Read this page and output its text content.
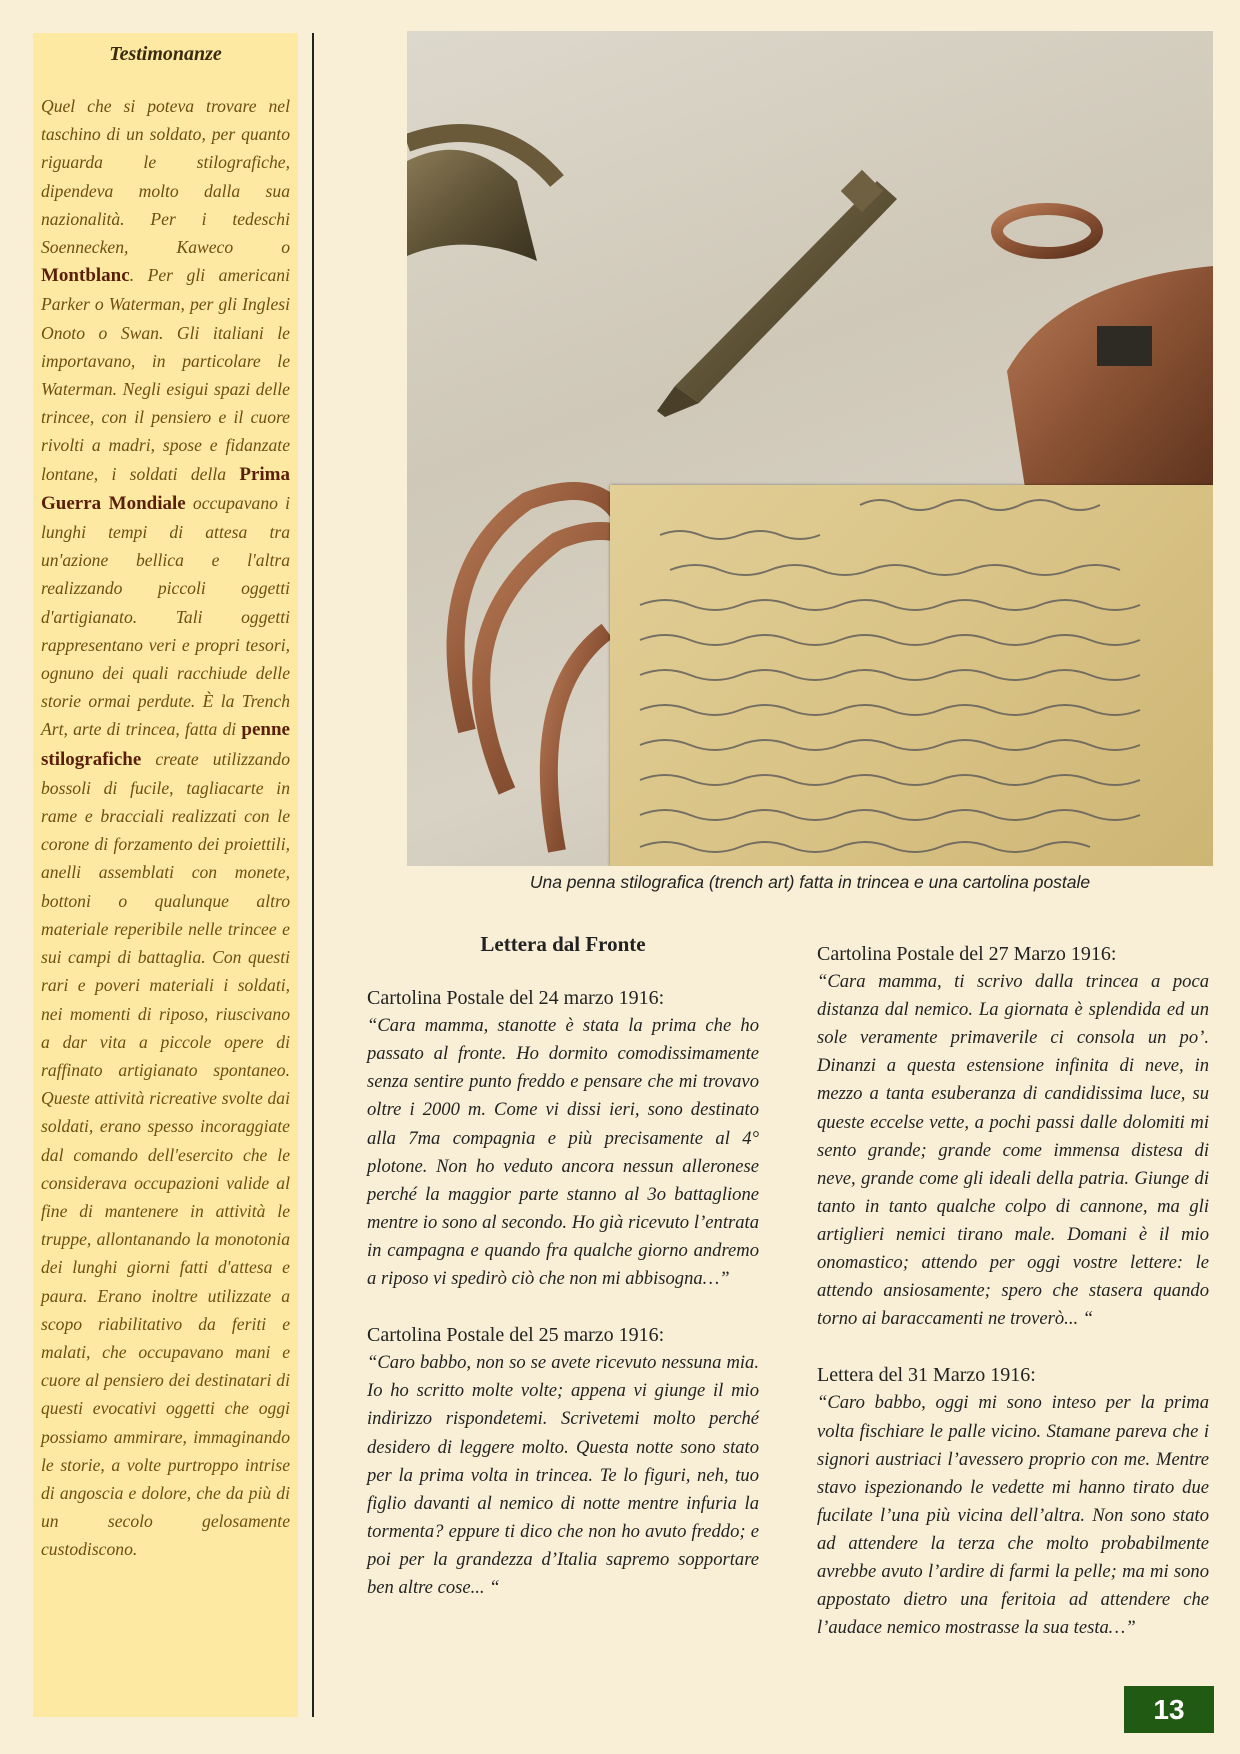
Testimonanze
Quel che si poteva trovare nel taschino di un soldato, per quanto riguarda le stilografiche, dipendeva molto dalla sua nazionalità. Per i tedeschi Soennecken, Kaweco o Montblanc. Per gli americani Parker o Waterman, per gli Inglesi Onoto o Swan. Gli italiani le importavano, in particolare le Waterman. Negli esigui spazi delle trincee, con il pensiero e il cuore rivolti a madri, spose e fidanzate lontane, i soldati della Prima Guerra Mondiale occupavano i lunghi tempi di attesa tra un'azione bellica e l'altra realizzando piccoli oggetti d'artigianato. Tali oggetti rappresentano veri e propri tesori, ognuno dei quali racchiude delle storie ormai perdute. È la Trench Art, arte di trincea, fatta di penne stilografiche create utilizzando bossoli di fucile, tagliacarte in rame e bracciali realizzati con le corone di forzamento dei proiettili, anelli assemblati con monete, bottoni o qualunque altro materiale reperibile nelle trincee e sui campi di battaglia. Con questi rari e poveri materiali i soldati, nei momenti di riposo, riuscivano a dar vita a piccole opere di raffinato artigianato spontaneo. Queste attività ricreative svolte dai soldati, erano spesso incoraggiate dal comando dell'esercito che le considerava occupazioni valide al fine di mantenere in attività le truppe, allontanando la monotonia dei lunghi giorni fatti d'attesa e paura. Erano inoltre utilizzate a scopo riabilitativo da feriti e malati, che occupavano mani e cuore al pensiero dei destinatari di questi evocativi oggetti che oggi possiamo ammirare, immaginando le storie, a volte purtroppo intrise di angoscia e dolore, che da più di un secolo gelosamente custodiscono.
Una penna stilografica (trench art) fatta in trincea e una cartolina postale
Lettera dal Fronte
Cartolina Postale del 24 marzo 1916:
“Cara mamma, stanotte è stata la prima che ho passato al fronte. Ho dormito comodissimamente senza sentire punto freddo e pensare che mi trovavo oltre i 2000 m. Come vi dissi ieri, sono destinato alla 7ma compagnia e più precisamente al 4° plotone. Non ho veduto ancora nessun alleronese perché la maggior parte stanno al 3o battaglione mentre io sono al secondo. Ho già ricevuto l’entrata in campagna e quando fra qualche giorno andremo a riposo vi spedirò ciò che non mi abbisogna…”
Cartolina Postale del 25 marzo 1916:
“Caro babbo, non so se avete ricevuto nessuna mia. Io ho scritto molte volte; appena vi giunge il mio indirizzo rispondetemi. Scrivetemi molto perché desidero di leggere molto. Questa notte sono stato per la prima volta in trincea. Te lo figuri, neh, tuo figlio davanti al nemico di notte mentre infuria la tormenta? eppure ti dico che non ho avuto freddo; e poi per la grandezza d’Italia sapremo sopportare ben altre cose... “
Cartolina Postale del 27 Marzo 1916:
“Cara mamma, ti scrivo dalla trincea a poca distanza dal nemico. La giornata è splendida ed un sole veramente primaverile ci consola un po’. Dinanzi a questa estensione infinita di neve, in mezzo a tanta esuberanza di candidissima luce, su queste eccelse vette, a pochi passi dalle dolomiti mi sento grande; grande come immensa distesa di neve, grande come gli ideali della patria. Giunge di tanto in tanto qualche colpo di cannone, ma gli artiglieri nemici tirano male. Domani è il mio onomastico; attendo per oggi vostre lettere: le attendo ansiosamente; spero che stasera quando torno ai baraccamenti ne troverò... “
Lettera del 31 Marzo 1916:
“Caro babbo, oggi mi sono inteso per la prima volta fischiare le palle vicino. Stamane pareva che i signori austriaci l’avessero proprio con me. Mentre stavo ispezionando le vedette mi hanno tirato due fucilate l’una più vicina dell’altra. Non sono stato ad attendere la terza che molto probabilmente avrebbe avuto l’ardire di farmi la pelle; ma mi sono appostato dietro una feritoia ad attendere che l’audace nemico mostrasse la sua testa…”
13
